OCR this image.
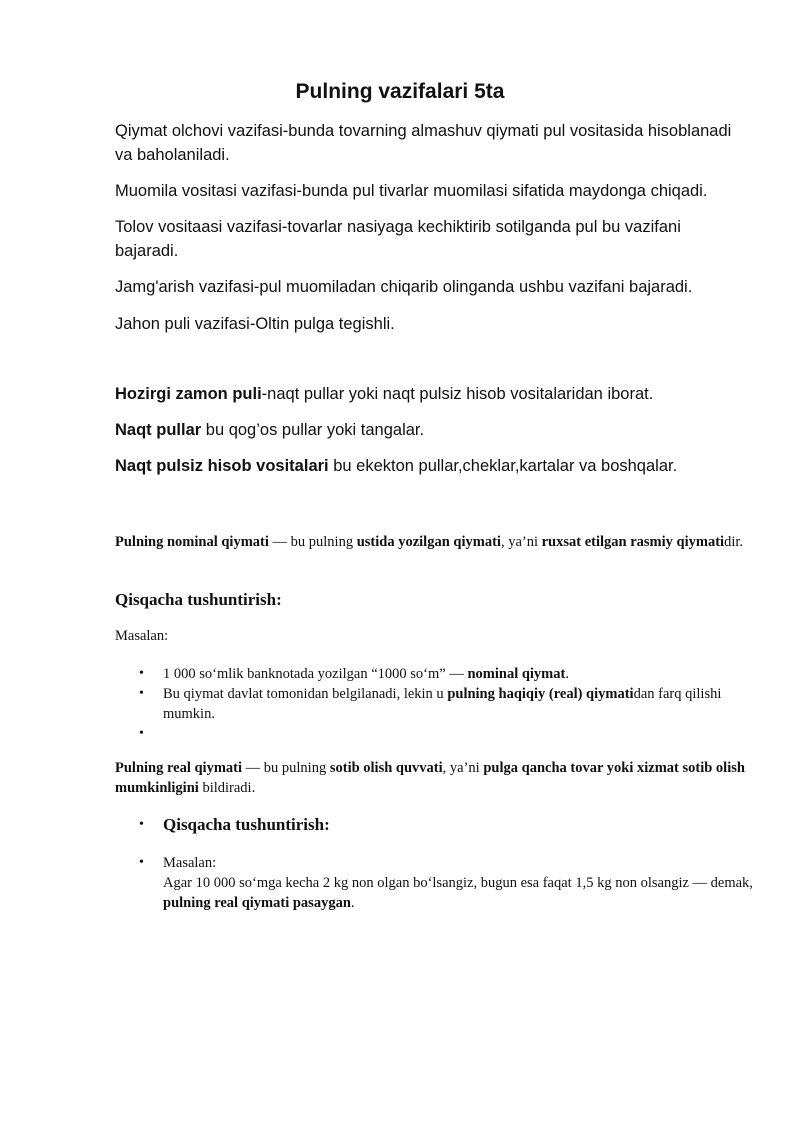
Pulning vazifalari 5ta

Qiymat olchovi vazifasi-bunda tovarning almashuv qiymati pul vositasida hisoblanadi va baholaniladi.

Muomila vositasi vazifasi-bunda pul tivarlar muomilasi sifatida maydonga chiqadi.

Tolov vositaasi vazifasi-tovarlar nasiyaga kechiktirib sotilganda pul bu vazifani bajaradi.

Jamg'arish vazifasi-pul muomiladan chiqarib olinganda ushbu vazifani bajaradi.

Jahon puli vazifasi-Oltin pulga tegishli.

Hozirgi zamon puli-naqt pullar yoki naqt pulsiz hisob vositalaridan iborat.

Naqt pullar bu qog’os pullar yoki tangalar.

Naqt pulsiz hisob vositalari bu ekekton pullar,cheklar,kartalar va boshqalar.

Pulning nominal qiymati — bu pulning ustida yozilgan qiymati, ya’ni ruxsat etilgan rasmiy qiymatidir.

Qisqacha tushuntirish:

Masalan:

• 1 000 so‘mlik banknotada yozilgan “1000 so‘m” — nominal qiymat.
• Bu qiymat davlat tomonidan belgilanadi, lekin u pulning haqiqiy (real) qiymatidan farq qilishi mumkin.
•

Pulning real qiymati — bu pulning sotib olish quvvati, ya’ni pulga qancha tovar yoki xizmat sotib olish mumkinligini bildiradi.

• Qisqacha tushuntirish:
• Masalan:
Agar 10 000 so‘mga kecha 2 kg non olgan bo‘lsangiz, bugun esa faqat 1,5 kg non olsangiz — demak, pulning real qiymati pasaygan.
